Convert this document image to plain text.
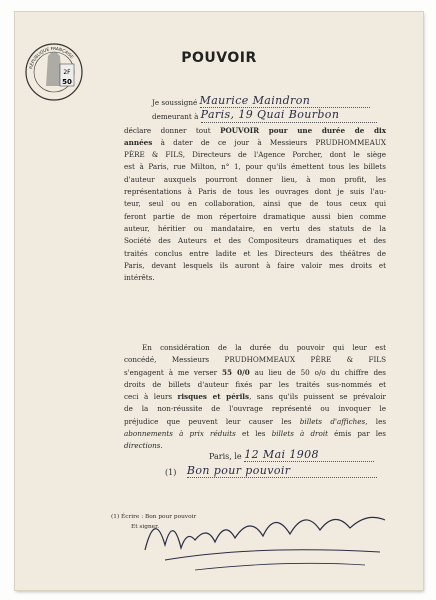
2F
50
RÉPUBLIQUE FRANÇAISE	POUVOIR
Je soussigné Maurice Maindron
demeurant à Paris, 19 Quai Bourbon
déclare donner tout POUVOIR pour une durée de dix
années à dater de ce jour à Messieurs PRUDHOMMEAUX
PÈRE & FILS, Directeurs de l'Agence Porcher, dont le siège
est à Paris, rue Milton, n° 1, pour qu'ils émettent tous les billets
d'auteur auxquels pourront donner lieu, à mon profit, les
représentations à Paris de tous les ouvrages dont je suis l'au-
teur, seul ou en collaboration, ainsi que de tous ceux qui
feront partie de mon répertoire dramatique aussi bien comme
auteur, héritier ou mandataire, en vertu des statuts de la
Société des Auteurs et des Compositeurs dramatiques et des
traités conclus entre ladite et les Directeurs des théâtres de
Paris, devant lesquels ils auront à faire valoir mes droits et
intérêts.
En considération de la durée du pouvoir qui leur est
concédé, Messieurs PRUDHOMMEAUX PÈRE & FILS
s'engagent à me verser 55 0/0 au lieu de 50 o/o du chiffre des
droits de billets d'auteur fixés par les traités sus-nommés et
ceci à leurs risques et périls, sans qu'ils puissent se prévaloir
de la non-réussite de l'ouvrage représenté ou invoquer le
préjudice que peuvent leur causer les billets d'affiches, les
abonnements à prix réduits et les billets à droit émis par les
directions.
Paris, le 12 Mai 1908
(1) Bon pour pouvoir
(1) Écrire : Bon pour pouvoir
Et signer.
